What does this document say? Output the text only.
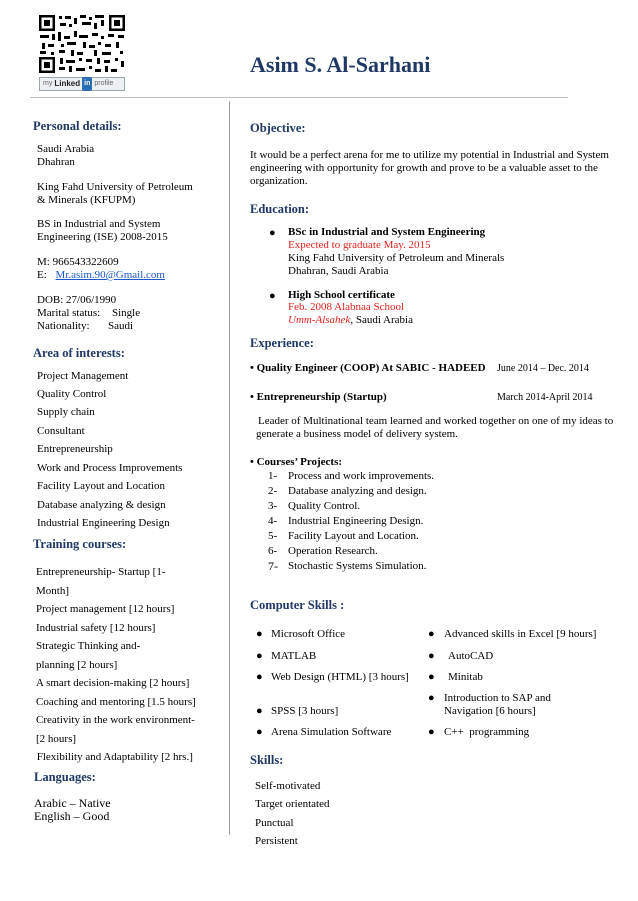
my Linked in profile
Asim S. Al-Sarhani
Personal details:
Saudi Arabia
Dhahran
King Fahd University of Petroleum
& Minerals (KFUPM)
BS in Industrial and System
Engineering (ISE) 2008-2015
M: 966543322609
E: Mr.asim.90@Gmail.com
DOB: 27/06/1990
Marital status: Single
Nationality: Saudi
Area of interests:
Project Management
Quality Control
Supply chain
Consultant
Entrepreneurship
Work and Process Improvements
Facility Layout and Location
Database analyzing & design
Industrial Engineering Design
Training courses:
Entrepreneurship- Startup [1-
Month]
Project management [12 hours]
Industrial safety [12 hours]
Strategic Thinking and-
planning [2 hours]
A smart decision-making [2 hours]
Coaching and mentoring [1.5 hours]
Creativity in the work environment-
[2 hours]
Flexibility and Adaptability [2 hrs.]
Languages:
Arabic – Native
English – Good
Objective:
It would be a perfect arena for me to utilize my potential in Industrial and System
engineering with opportunity for growth and prove to be a valuable asset to the
organization.
Education:
● BSc in Industrial and System Engineering
Expected to graduate May. 2015
King Fahd University of Petroleum and Minerals
Dhahran, Saudi Arabia
● High School certificate
Feb. 2008 Alabnaa School
Umm-Alsahek, Saudi Arabia
Experience:
• Quality Engineer (COOP) At SABIC - HADEED June 2014 – Dec. 2014
• Entrepreneurship (Startup)	March 2014-April 2014
Leader of Multinational team learned and worked together on one of my ideas to
generate a business model of delivery system.
• Courses’ Projects:
1- Process and work improvements.
2- Database analyzing and design.
3- Quality Control.
4- Industrial Engineering Design.
5- Facility Layout and Location.
6- Operation Research.
7- Stochastic Systems Simulation.
Computer Skills :
● Microsoft Office
● MATLAB
● Web Design (HTML) [3 hours]
● SPSS [3 hours]
● Arena Simulation Software
● Advanced skills in Excel [9 hours]
● AutoCAD
● Minitab
● Introduction to SAP and
Navigation [6 hours]
● C++  programming
Skills:
Self-motivated
Target orientated
Punctual
Persistent
